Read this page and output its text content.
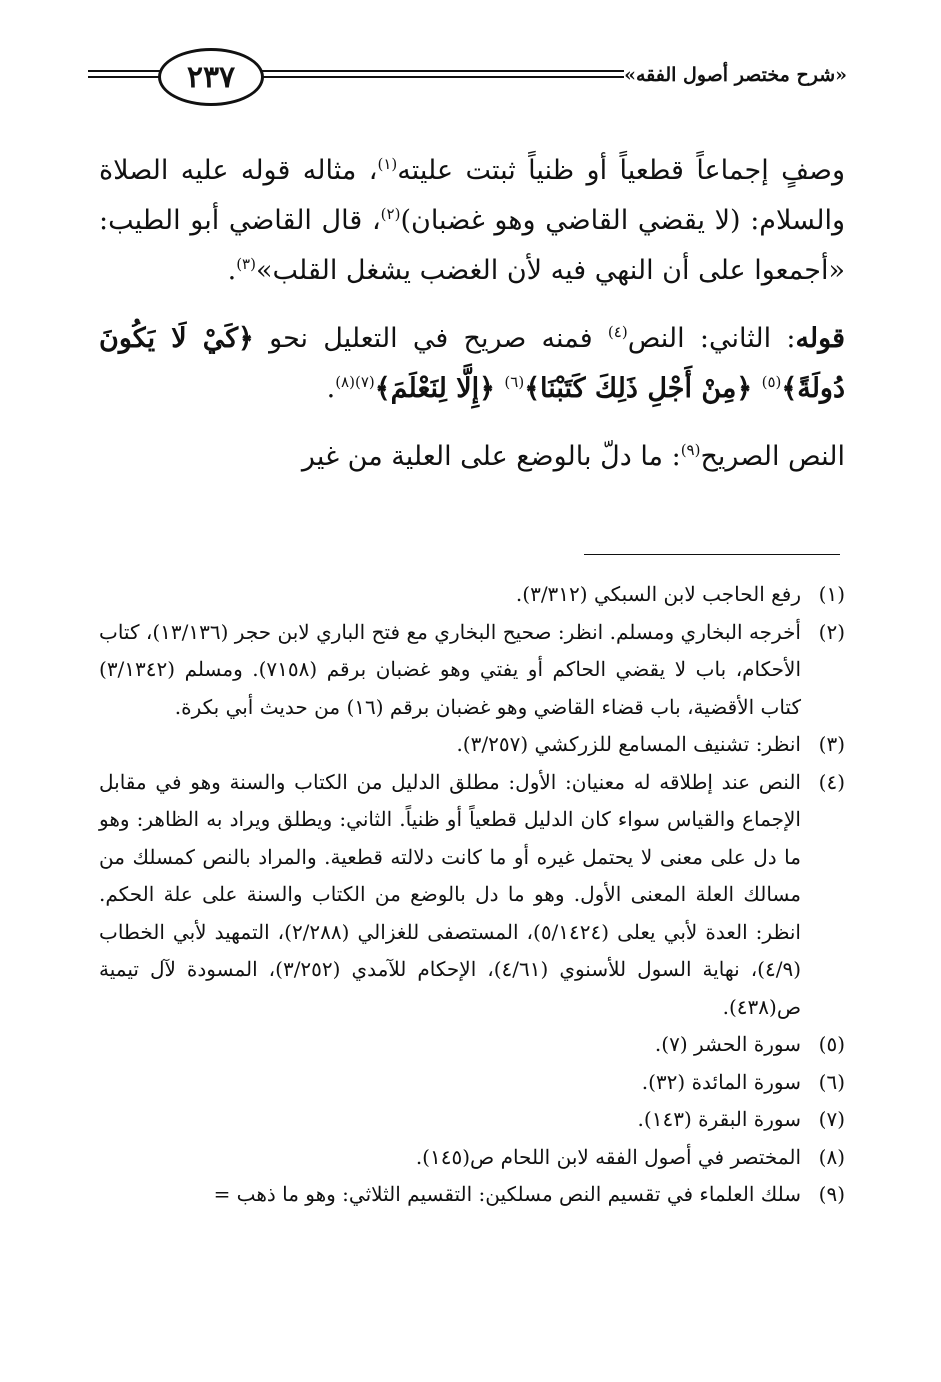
٢٣٧	«شرح مختصر أصول الفقه»

وصفٍ إجماعاً قطعياً أو ظنياً ثبتت عليته$^{(١)}$، مثاله قوله عليه الصلاة والسلام: (لا يقضي القاضي وهو غضبان)$^{(٢)}$، قال القاضي أبو الطيب: «أجمعوا على أن النهي فيه لأن الغضب يشغل القلب»$^{(٣)}$.

قوله: الثاني: النص$^{(٤)}$ فمنه صريح في التعليل نحو ﴿كَيْ لَا يَكُونَ دُولَةً﴾$^{(٥)}$ ﴿مِنْ أَجْلِ ذَلِكَ كَتَبْنَا﴾$^{(٦)}$ ﴿إِلَّا لِنَعْلَمَ﴾$^{(٧)(٨)}$.

النص الصريح$^{(٩)}$: ما دلّ بالوضع على العلية من غير

(١)
رفع الحاجب لابن السبكي (٣/٣١٢).
(٢)
أخرجه البخاري ومسلم. انظر: صحيح البخاري مع فتح الباري لابن حجر (١٣/١٣٦)، كتاب الأحكام، باب لا يقضي الحاكم أو يفتي وهو غضبان برقم (٧١٥٨). ومسلم (٣/١٣٤٢) كتاب الأقضية، باب قضاء القاضي وهو غضبان برقم (١٦) من حديث أبي بكرة.
(٣)
انظر: تشنيف المسامع للزركشي (٣/٢٥٧).
(٤)
النص عند إطلاقه له معنيان: الأول: مطلق الدليل من الكتاب والسنة وهو في مقابل الإجماع والقياس سواء كان الدليل قطعياً أو ظنياً. الثاني: ويطلق ويراد به الظاهر: وهو ما دل على معنى لا يحتمل غيره أو ما كانت دلالته قطعية. والمراد بالنص كمسلك من مسالك العلة المعنى الأول. وهو ما دل بالوضع من الكتاب والسنة على علة الحكم. انظر: العدة لأبي يعلى (٥/١٤٢٤)، المستصفى للغزالي (٢/٢٨٨)، التمهيد لأبي الخطاب (٤/٩)، نهاية السول للأسنوي (٤/٦١)، الإحكام للآمدي (٣/٢٥٢)، المسودة لآل تيمية ص(٤٣٨).
(٥)
سورة الحشر (٧).
(٦)
سورة المائدة (٣٢).
(٧)
سورة البقرة (١٤٣).
(٨)
المختصر في أصول الفقه لابن اللحام ص(١٤٥).
(٩)
سلك العلماء في تقسيم النص مسلكين: التقسيم الثلاثي: وهو ما ذهب =
